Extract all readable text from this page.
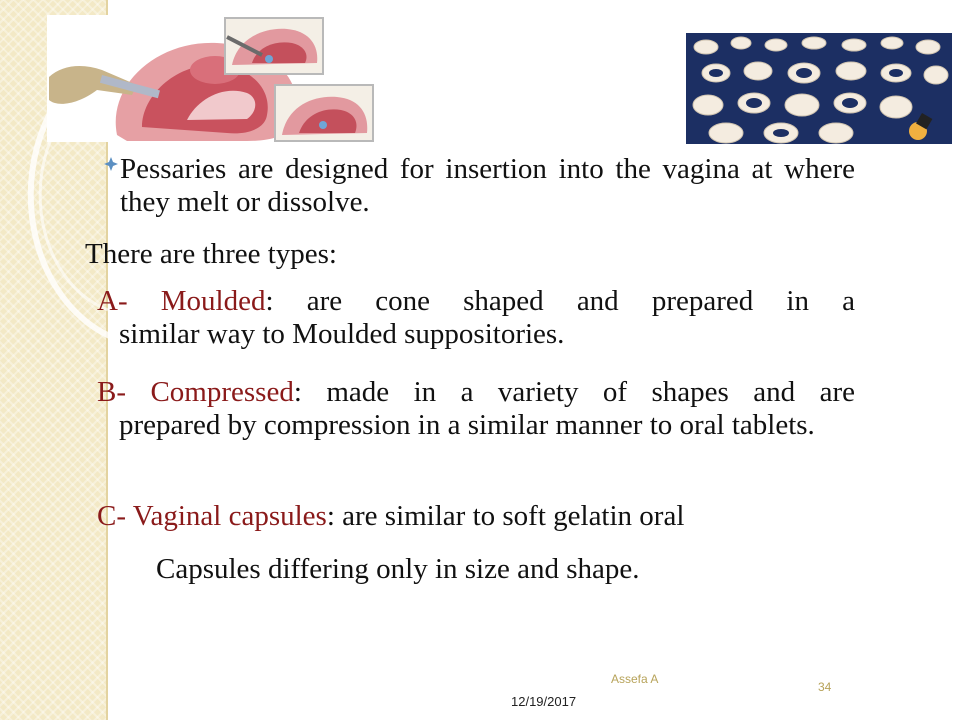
Pessaries are designed for insertion into the vagina at where they melt or dissolve.
There are three types:
A- Moulded: are cone shaped and prepared in a
similar way to Moulded suppositories.
B- Compressed: made in a variety of shapes and are
prepared by compression in a similar manner to oral tablets.
C- Vaginal capsules: are similar to soft gelatin oral
Capsules differing only in size and shape.
Assefa A
12/19/2017
34
